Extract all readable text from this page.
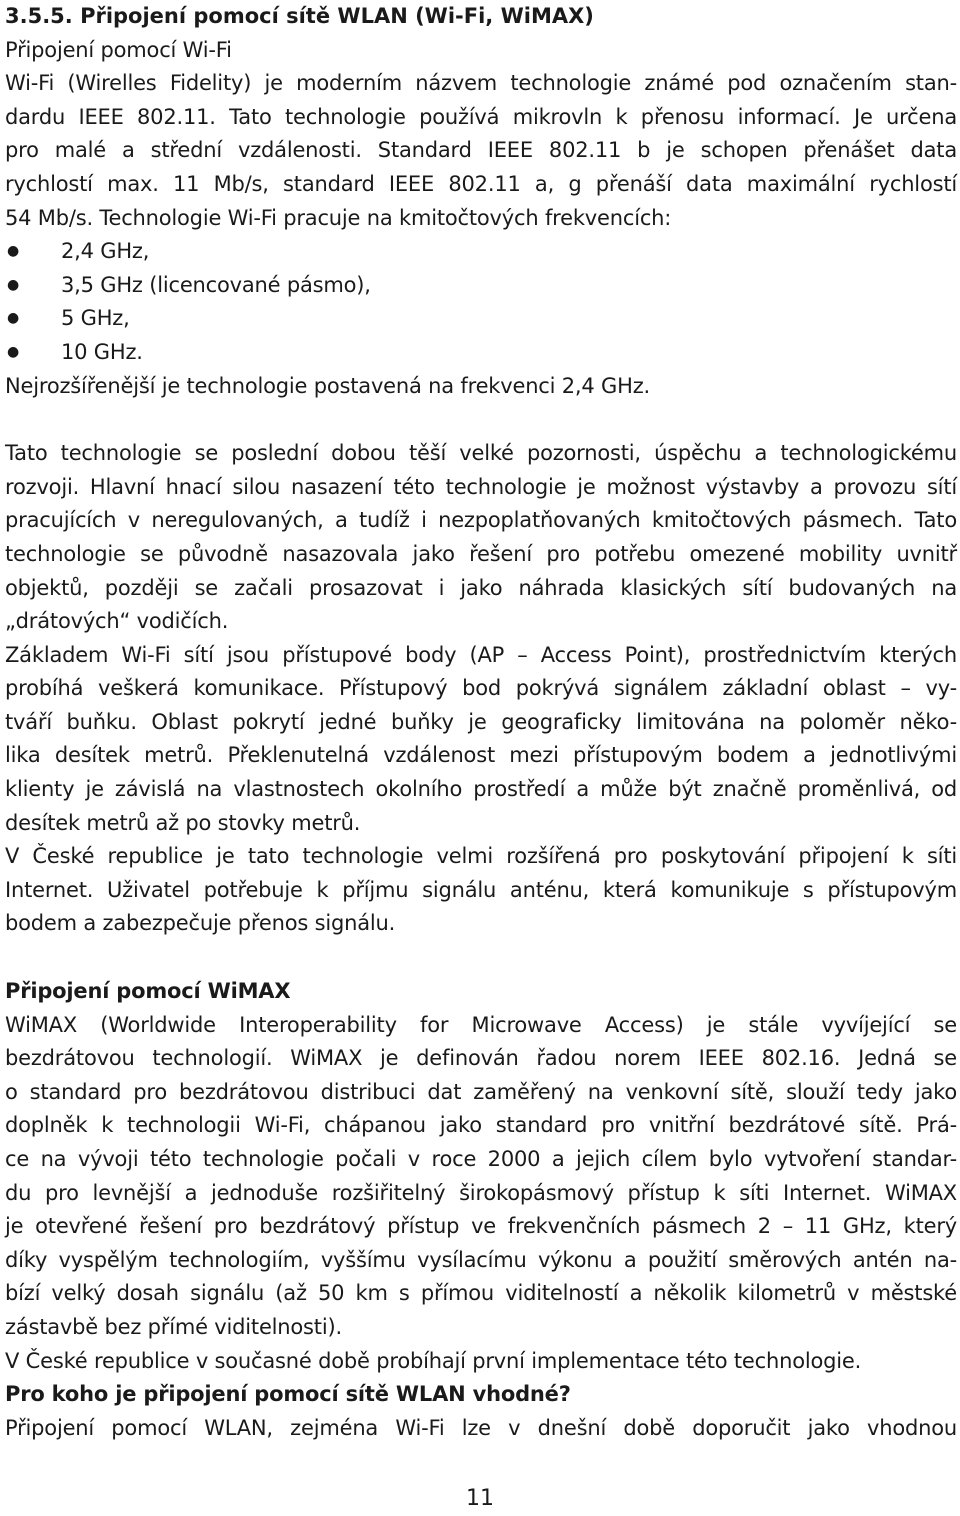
3.5.5. Připojení pomocí sítě WLAN (Wi-Fi, WiMAX)
Připojení pomocí Wi-Fi
Wi-Fi (Wirelles Fidelity) je moderním názvem technologie známé pod označením stan-
dardu IEEE 802.11. Tato technologie používá mikrovln k přenosu informací. Je určena
pro malé a střední vzdálenosti. Standard IEEE 802.11 b je schopen přenášet data
rychlostí max. 11 Mb/s, standard IEEE 802.11 a, g přenáší data maximální rychlostí
54 Mb/s. Technologie Wi-Fi pracuje na kmitočtových frekvencích:
● 2,4 GHz,
● 3,5 GHz (licencované pásmo),
● 5 GHz,
● 10 GHz.
Nejrozšířenější je technologie postavená na frekvenci 2,4 GHz.
Tato technologie se poslední dobou těší velké pozornosti, úspěchu a technologickému
rozvoji. Hlavní hnací silou nasazení této technologie je možnost výstavby a provozu sítí
pracujících v neregulovaných, a tudíž i nezpoplatňovaných kmitočtových pásmech. Tato
technologie se původně nasazovala jako řešení pro potřebu omezené mobility uvnitř
objektů, později se začali prosazovat i jako náhrada klasických sítí budovaných na
„drátových“ vodičích.
Základem Wi-Fi sítí jsou přístupové body (AP – Access Point), prostřednictvím kterých
probíhá veškerá komunikace. Přístupový bod pokrývá signálem základní oblast – vy-
tváří buňku. Oblast pokrytí jedné buňky je geograficky limitována na poloměr něko-
lika desítek metrů. Překlenutelná vzdálenost mezi přístupovým bodem a jednotlivými
klienty je závislá na vlastnostech okolního prostředí a může být značně proměnlivá, od
desítek metrů až po stovky metrů.
V České republice je tato technologie velmi rozšířená pro poskytování připojení k síti
Internet. Uživatel potřebuje k příjmu signálu anténu, která komunikuje s přístupovým
bodem a zabezpečuje přenos signálu.
Připojení pomocí WiMAX
WiMAX (Worldwide Interoperability for Microwave Access) je stále vyvíjející se
bezdrátovou technologií. WiMAX je definován řadou norem IEEE 802.16. Jedná se
o standard pro bezdrátovou distribuci dat zaměřený na venkovní sítě, slouží tedy jako
doplněk k technologii Wi-Fi, chápanou jako standard pro vnitřní bezdrátové sítě. Prá-
ce na vývoji této technologie počali v roce 2000 a jejich cílem bylo vytvoření standar-
du pro levnější a jednoduše rozšiřitelný širokopásmový přístup k síti Internet. WiMAX
je otevřené řešení pro bezdrátový přístup ve frekvenčních pásmech 2 – 11 GHz, který
díky vyspělým technologiím, vyššímu vysílacímu výkonu a použití směrových antén na-
bízí velký dosah signálu (až 50 km s přímou viditelností a několik kilometrů v městské
zástavbě bez přímé viditelnosti).
V České republice v současné době probíhají první implementace této technologie.
Pro koho je připojení pomocí sítě WLAN vhodné?
Připojení pomocí WLAN, zejména Wi-Fi lze v dnešní době doporučit jako vhodnou
11
